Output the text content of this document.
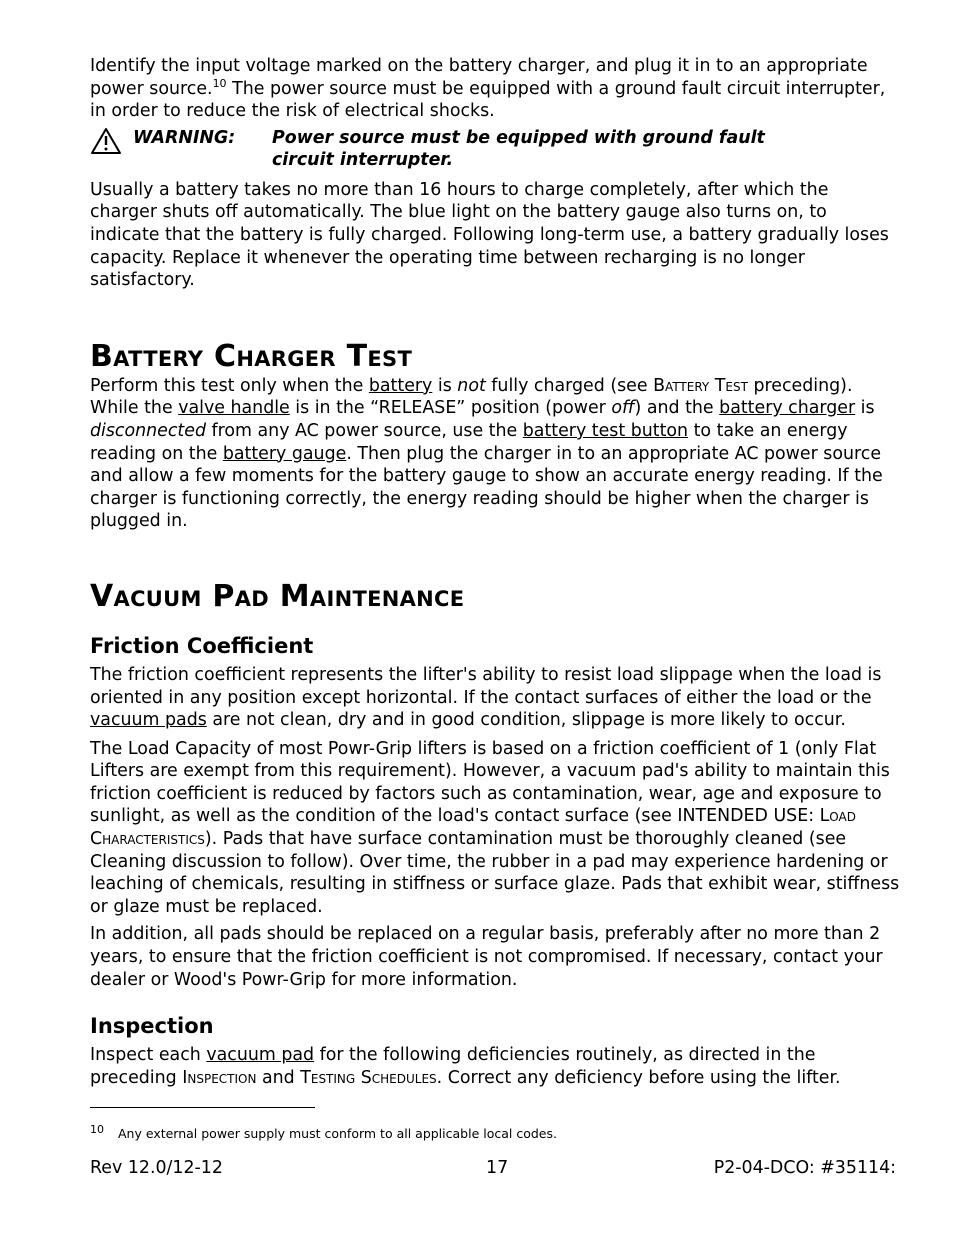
Identify the input voltage marked on the battery charger, and plug it in to an appropriate power source.$^{10}$ The power source must be equipped with a ground fault circuit interrupter, in order to reduce the risk of electrical shocks.

WARNING: Power source must be equipped with ground fault circuit interrupter.

Usually a battery takes no more than 16 hours to charge completely, after which the charger shuts off automatically. The blue light on the battery gauge also turns on, to indicate that the battery is fully charged. Following long-term use, a battery gradually loses capacity. Replace it whenever the operating time between recharging is no longer satisfactory.

Battery Charger Test

Perform this test only when the battery is not fully charged (see Battery Test preceding). While the valve handle is in the “RELEASE” position (power off) and the battery charger is disconnected from any AC power source, use the battery test button to take an energy reading on the battery gauge. Then plug the charger in to an appropriate AC power source and allow a few moments for the battery gauge to show an accurate energy reading. If the charger is functioning correctly, the energy reading should be higher when the charger is plugged in.

Vacuum Pad Maintenance
Friction Coefficient

The friction coefficient represents the lifter's ability to resist load slippage when the load is oriented in any position except horizontal. If the contact surfaces of either the load or the vacuum pads are not clean, dry and in good condition, slippage is more likely to occur.

The Load Capacity of most Powr-Grip lifters is based on a friction coefficient of 1 (only Flat Lifters are exempt from this requirement). However, a vacuum pad's ability to maintain this friction coefficient is reduced by factors such as contamination, wear, age and exposure to sunlight, as well as the condition of the load's contact surface (see INTENDED USE: Load Characteristics). Pads that have surface contamination must be thoroughly cleaned (see Cleaning discussion to follow). Over time, the rubber in a pad may experience hardening or leaching of chemicals, resulting in stiffness or surface glaze. Pads that exhibit wear, stiffness or glaze must be replaced.

In addition, all pads should be replaced on a regular basis, preferably after no more than 2 years, to ensure that the friction coefficient is not compromised. If necessary, contact your dealer or Wood's Powr-Grip for more information.

Inspection

Inspect each vacuum pad for the following deficiencies routinely, as directed in the preceding Inspection and Testing Schedules. Correct any deficiency before using the lifter.

10 Any external power supply must conform to all applicable local codes.
Rev 12.0/12-12	17	P2-04-DCO: #35114:
